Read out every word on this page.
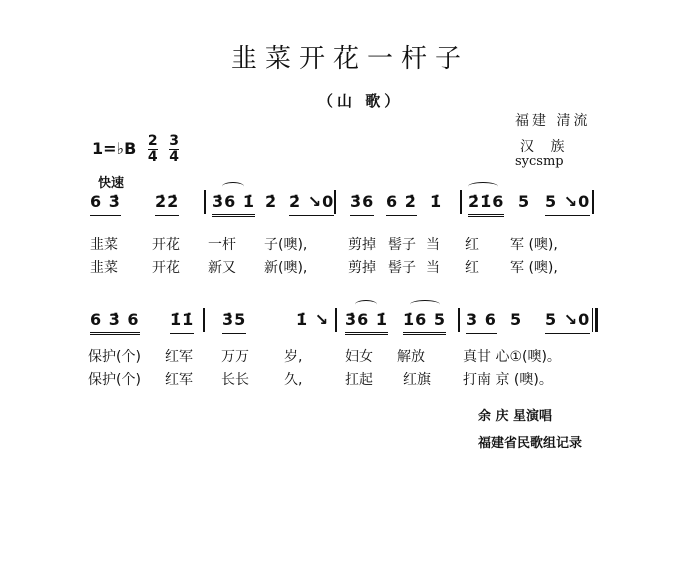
韭菜开花一杆子
（山 歌）
1=♭B $\frac{2}{4}$
$\frac{3}{4}$
福建 清流
汉 族
sycsmp
快速
6 3̇ 2̇2̇ 3̇6 1̇ 2̇ 2̇ ↘0 3̇6 6 2̇ 1̇ 2̇1̇6 5 5 ↘0
韭菜 开花 一杆 子(噢),	剪掉 髻子 当 红 军 (噢),
韭菜 开花 新又 新(噢),	剪掉 髻子 当 红 军 (噢),
6 3̇ 6 1̇1̇ 3̇5	1̇ ↘ 3̇6 1̇ 1̇6 5 3 6 5 5 ↘0
保护(个) 红军 万万	岁,	妇女 解放	真甘 心①(噢)。
保护(个) 红军 长长	久,	扛起 红旗 打南 京 (噢)。
余 庆 星演唱
福建省民歌组记录
